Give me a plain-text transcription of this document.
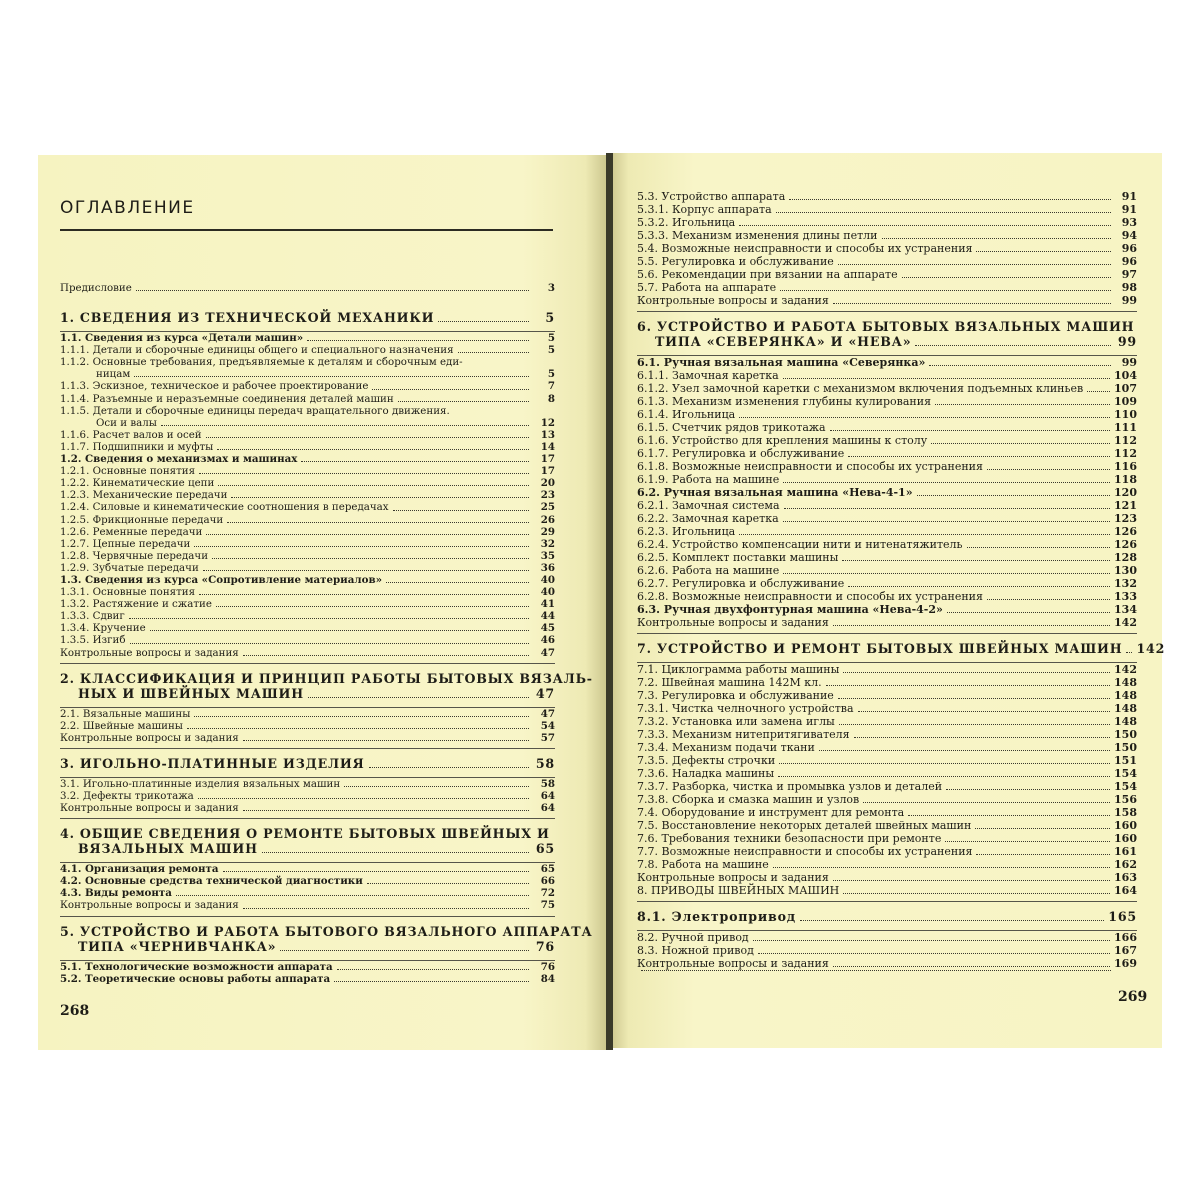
ОГЛАВЛЕНИЕ
Предисловие	3
1. СВЕДЕНИЯ ИЗ ТЕХНИЧЕСКОЙ МЕХАНИКИ	5
1.1. Сведения из курса «Детали машин»	5
1.1.1. Детали и сборочные единицы общего и специального назначения	5
1.1.2. Основные требования, предъявляемые к деталям и сборочным еди-
ницам	5
1.1.3. Эскизное, техническое и рабочее проектирование	7
1.1.4. Разъемные и неразъемные соединения деталей машин	8
1.1.5. Детали и сборочные единицы передач вращательного движения.
Оси и валы	12
1.1.6. Расчет валов и осей	13
1.1.7. Подшипники и муфты	14
1.2. Сведения о механизмах и машинах	17
1.2.1. Основные понятия	17
1.2.2. Кинематические цепи	20
1.2.3. Механические передачи	23
1.2.4. Силовые и кинематические соотношения в передачах	25
1.2.5. Фрикционные передачи	26
1.2.6. Ременные передачи	29
1.2.7. Цепные передачи	32
1.2.8. Червячные передачи	35
1.2.9. Зубчатые передачи	36
1.3. Сведения из курса «Сопротивление материалов»	40
1.3.1. Основные понятия	40
1.3.2. Растяжение и сжатие	41
1.3.3. Сдвиг	44
1.3.4. Кручение	45
1.3.5. Изгиб	46
Контрольные вопросы и задания	47
2. КЛАССИФИКАЦИЯ И ПРИНЦИП РАБОТЫ БЫТОВЫХ ВЯЗАЛЬ-
НЫХ И ШВЕЙНЫХ МАШИН	47
2.1. Вязальные машины	47
2.2. Швейные машины	54
Контрольные вопросы и задания	57
3. ИГОЛЬНО-ПЛАТИННЫЕ ИЗДЕЛИЯ	58
3.1. Игольно-платинные изделия вязальных машин	58
3.2. Дефекты трикотажа	64
Контрольные вопросы и задания	64
4. ОБЩИЕ СВЕДЕНИЯ О РЕМОНТЕ БЫТОВЫХ ШВЕЙНЫХ И
ВЯЗАЛЬНЫХ МАШИН	65
4.1. Организация ремонта	65
4.2. Основные средства технической диагностики	66
4.3. Виды ремонта	72
Контрольные вопросы и задания	75
5. УСТРОЙСТВО И РАБОТА БЫТОВОГО ВЯЗАЛЬНОГО АППАРАТА
ТИПА «ЧЕРНИВЧАНКА»	76
5.1. Технологические возможности аппарата	76
5.2. Теоретические основы работы аппарата	84
268
5.3. Устройство аппарата	91
5.3.1. Корпус аппарата	91
5.3.2. Игольница	93
5.3.3. Механизм изменения длины петли	94
5.4. Возможные неисправности и способы их устранения	96
5.5. Регулировка и обслуживание	96
5.6. Рекомендации при вязании на аппарате	97
5.7. Работа на аппарате	98
Контрольные вопросы и задания	99
6. УСТРОЙСТВО И РАБОТА БЫТОВЫХ ВЯЗАЛЬНЫХ МАШИН
ТИПА «СЕВЕРЯНКА» И «НЕВА»	99
6.1. Ручная вязальная машина «Северянка»	99
6.1.1. Замочная каретка	104
6.1.2. Узел замочной каретки с механизмом включения подъемных клиньев	107
6.1.3. Механизм изменения глубины кулирования	109
6.1.4. Игольница	110
6.1.5. Счетчик рядов трикотажа	111
6.1.6. Устройство для крепления машины к столу	112
6.1.7. Регулировка и обслуживание	112
6.1.8. Возможные неисправности и способы их устранения	116
6.1.9. Работа на машине	118
6.2. Ручная вязальная машина «Нева-4-1»	120
6.2.1. Замочная система	121
6.2.2. Замочная каретка	123
6.2.3. Игольница	126
6.2.4. Устройство компенсации нити и нитенатяжитель	126
6.2.5. Комплект поставки машины	128
6.2.6. Работа на машине	130
6.2.7. Регулировка и обслуживание	132
6.2.8. Возможные неисправности и способы их устранения	133
6.3. Ручная двухфонтурная машина «Нева-4-2»	134
Контрольные вопросы и задания	142
7. УСТРОЙСТВО И РЕМОНТ БЫТОВЫХ ШВЕЙНЫХ МАШИН 142
7.1. Циклограмма работы машины	142
7.2. Швейная машина 142М кл.	148
7.3. Регулировка и обслуживание	148
7.3.1. Чистка челночного устройства	148
7.3.2. Установка или замена иглы	148
7.3.3. Механизм нитепритягивателя	150
7.3.4. Механизм подачи ткани	150
7.3.5. Дефекты строчки	151
7.3.6. Наладка машины	154
7.3.7. Разборка, чистка и промывка узлов и деталей	154
7.3.8. Сборка и смазка машин и узлов	156
7.4. Оборудование и инструмент для ремонта	158
7.5. Восстановление некоторых деталей швейных машин	160
7.6. Требования техники безопасности при ремонте	160
7.7. Возможные неисправности и способы их устранения	161
7.8. Работа на машине	162
Контрольные вопросы и задания	163
8. ПРИВОДЫ ШВЕЙНЫХ МАШИН	164
8.1. Электропривод	165
8.2. Ручной привод	166
8.3. Ножной привод	167
Контрольные вопросы и задания	169
269
